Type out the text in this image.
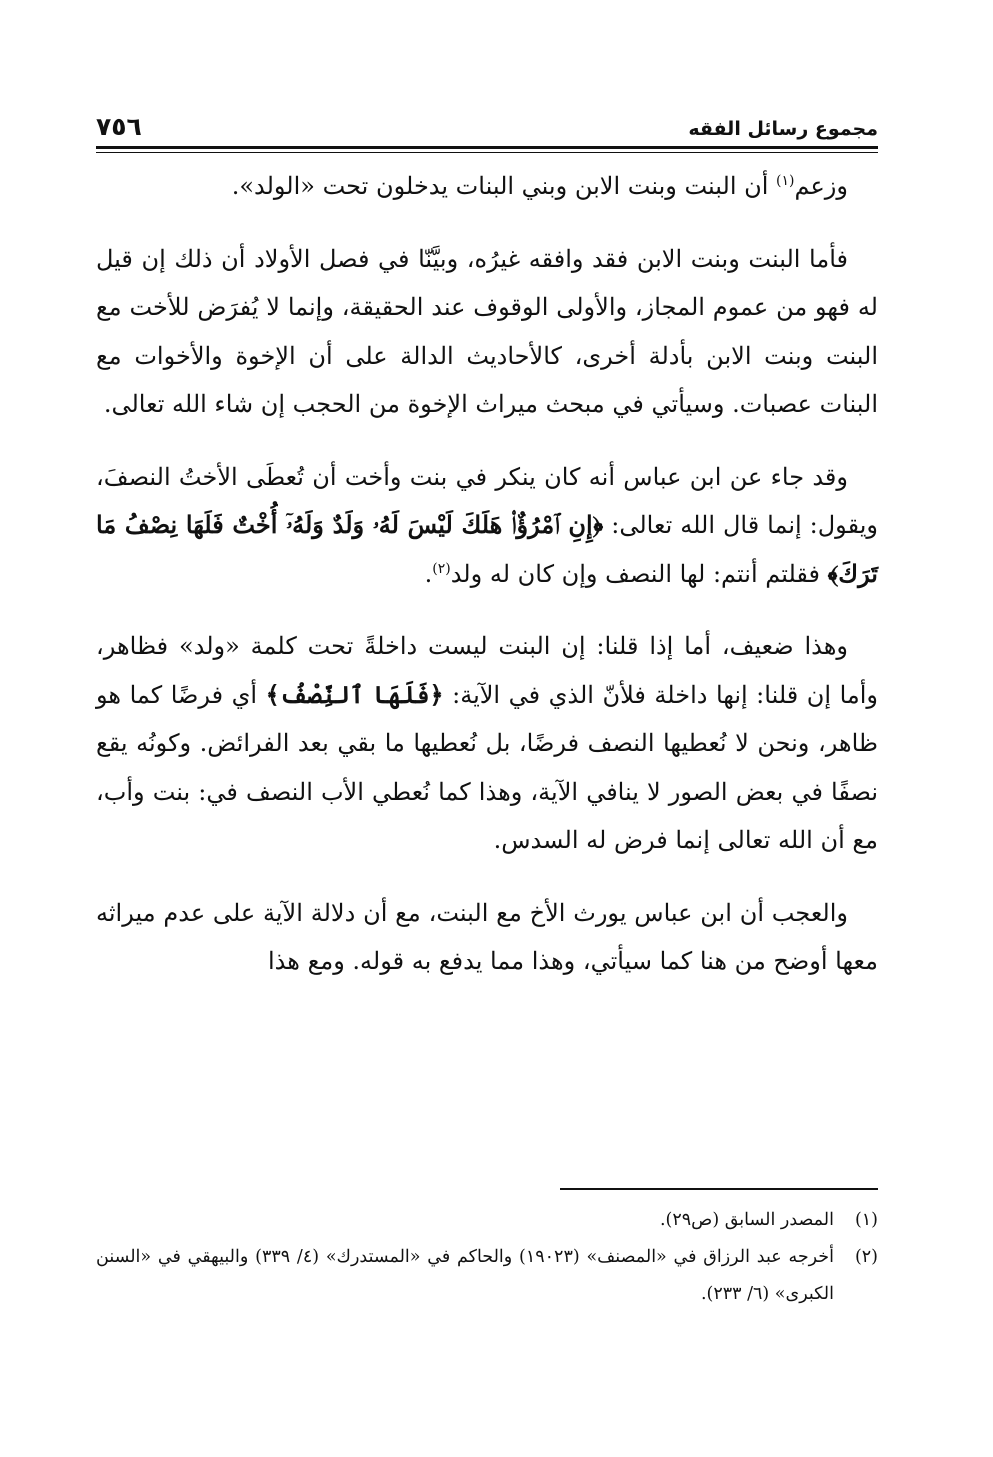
مجموع رسائل الفقه
٧٥٦

وزعم$^{(١)}$ أن البنت وبنت الابن وبني البنات يدخلون تحت «الولد».

فأما البنت وبنت الابن فقد وافقه غيرُه، وبيَّنّا في فصل الأولاد أن ذلك إن قيل له فهو من عموم المجاز، والأولى الوقوف عند الحقيقة، وإنما لا يُفرَض للأخت مع البنت وبنت الابن بأدلة أخرى، كالأحاديث الدالة على أن الإخوة والأخوات مع البنات عصبات. وسيأتي في مبحث ميراث الإخوة من الحجب إن شاء الله تعالى.

وقد جاء عن ابن عباس أنه كان ينكر في بنت وأخت أن تُعطَى الأختُ النصفَ، ويقول: إنما قال الله تعالى: ﴿إِنِ ٱمْرُؤٌا۟ هَلَكَ لَيْسَ لَهُۥ وَلَدٌ وَلَهُۥٓ أُخْتٌ فَلَهَا نِصْفُ مَا تَرَكَ﴾ فقلتم أنتم: لها النصف وإن كان له ولد$^{(٢)}$.

وهذا ضعيف، أما إذا قلنا: إن البنت ليست داخلةً تحت كلمة «ولد» فظاهر، وأما إن قلنا: إنها داخلة فلأنّ الذي في الآية: ﴿فَلَهَا ٱلنِّصْفُ﴾ أي فرضًا كما هو ظاهر، ونحن لا نُعطيها النصف فرضًا، بل نُعطيها ما بقي بعد الفرائض. وكونُه يقع نصفًا في بعض الصور لا ينافي الآية، وهذا كما نُعطي الأب النصف في: بنت وأب، مع أن الله تعالى إنما فرض له السدس.

والعجب أن ابن عباس يورث الأخ مع البنت، مع أن دلالة الآية على عدم ميراثه معها أوضح من هنا كما سيأتي، وهذا مما يدفع به قوله. ومع هذا

(١)
المصدر السابق (ص٢٩).
(٢)
أخرجه عبد الرزاق في «المصنف» (١٩٠٢٣) والحاكم في «المستدرك» (٤/ ٣٣٩) والبيهقي في «السنن الكبرى» (٦/ ٢٣٣).
